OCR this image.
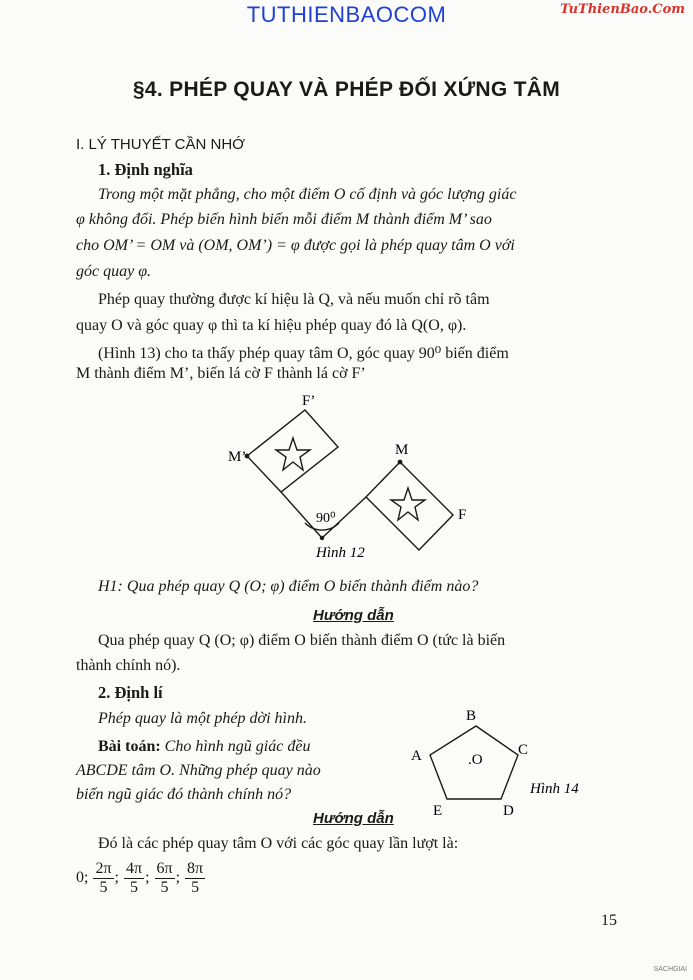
TUTHIENBAOCOM	TuThienBao.Com
§4. PHÉP QUAY VÀ PHÉP ĐỐI XỨNG TÂM
I. LÝ THUYẾT CẦN NHỚ
1. Định nghĩa
Trong một mặt phẳng, cho một điểm O cố định và góc lượng giác
φ không đổi. Phép biến hình biến mỗi điểm M thành điểm M’ sao
cho OM’ = OM và (OM, OM’) = φ được gọi là phép quay tâm O với
góc quay φ.
Phép quay thường được kí hiệu là Q, và nếu muốn chỉ rõ tâm
quay O và góc quay φ thì ta kí hiệu phép quay đó là Q(O, φ).
(Hình 13) cho ta thấy phép quay tâm O, góc quay 90⁰ biến điểm
M thành điểm M’, biến lá cờ F thành lá cờ F’
F’
M’	M
F
90⁰
Hình 12
B
C
D
E
A	.O
Hình 14
H1: Qua phép quay Q (O; φ) điểm O biến thành điểm nào?
Hướng dẫn
Qua phép quay Q (O; φ) điểm O biến thành điểm O (tức là biến
thành chính nó).
2. Định lí
Phép quay là một phép dời hình.
Bài toán: Cho hình ngũ giác đều
ABCDE tâm O. Những phép quay nào
biến ngũ giác đó thành chính nó?
Hướng dẫn
Đó là các phép quay tâm O với các góc quay lần lượt là:
0; $\frac{2\pi}{5}$ ; $\frac{4\pi}{5}$ ; $\frac{6\pi}{5}$ ; $\frac{8\pi}{5}$
15
SACHGIAI
